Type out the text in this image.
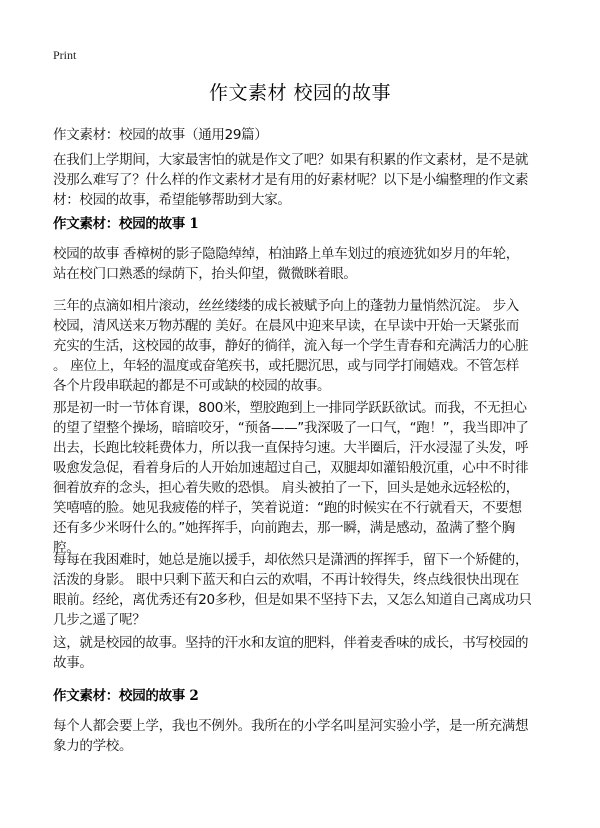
Print
作文素材 校园的故事

作文素材：校园的故事（通用29篇）

在我们上学期间，大家最害怕的就是作文了吧？如果有积累的作文素材，是不是就
没那么难写了？什么样的作文素材才是有用的好素材呢？以下是小编整理的作文素
材：校园的故事，希望能够帮助到大家。
作文素材：校园的故事 1
校园的故事 香樟树的影子隐隐绰绰，柏油路上单车划过的痕迹犹如岁月的年轮，
站在校门口熟悉的绿荫下，抬头仰望，微微眯着眼。
三年的点滴如相片滚动，丝丝缕缕的成长被赋予向上的蓬勃力量悄然沉淀。 步入
校园，清风送来万物苏醒的 美好。在晨风中迎来早读，在早读中开始一天紧张而
充实的生活，这校园的故事，静好的徜徉，流入每一个学生青春和充满活力的心脏
。 座位上，年轻的温度或奋笔疾书，或托腮沉思，或与同学打闹嬉戏。不管怎样
各个片段串联起的都是不可或缺的校园的故事。
那是初一时一节体育课，800米，塑胶跑到上一排同学跃跃欲试。而我，不无担心
的望了望整个操场，暗暗咬牙，“预备——”我深吸了一口气，“跑！”，我当即冲了
出去，长跑比较耗费体力，所以我一直保持匀速。大半圈后，汗水浸湿了头发，呼
吸愈发急促，看着身后的人开始加速超过自己，双腿却如灌铅般沉重，心中不时徘
徊着放弃的念头，担心着失败的恐惧。 肩头被拍了一下，回头是她永远轻松的，
笑嘻嘻的脸。她见我疲倦的样子，笑着说道：“跑的时候实在不行就看天，不要想
还有多少米呀什么的。”她挥挥手，向前跑去，那一瞬，满是感动，盈满了整个胸
腔。
每每在我困难时，她总是施以援手，却依然只是潇洒的挥挥手，留下一个矫健的，
活泼的身影。 眼中只剩下蓝天和白云的欢唱，不再计较得失，终点线很快出现在
眼前。经纶，离优秀还有20多秒，但是如果不坚持下去，又怎么知道自己离成功只
几步之遥了呢？
这，就是校园的故事。坚持的汗水和友谊的肥料，伴着麦香味的成长，书写校园的
故事。
作文素材：校园的故事 2
每个人都会要上学，我也不例外。我所在的小学名叫星河实验小学，是一所充满想
象力的学校。
